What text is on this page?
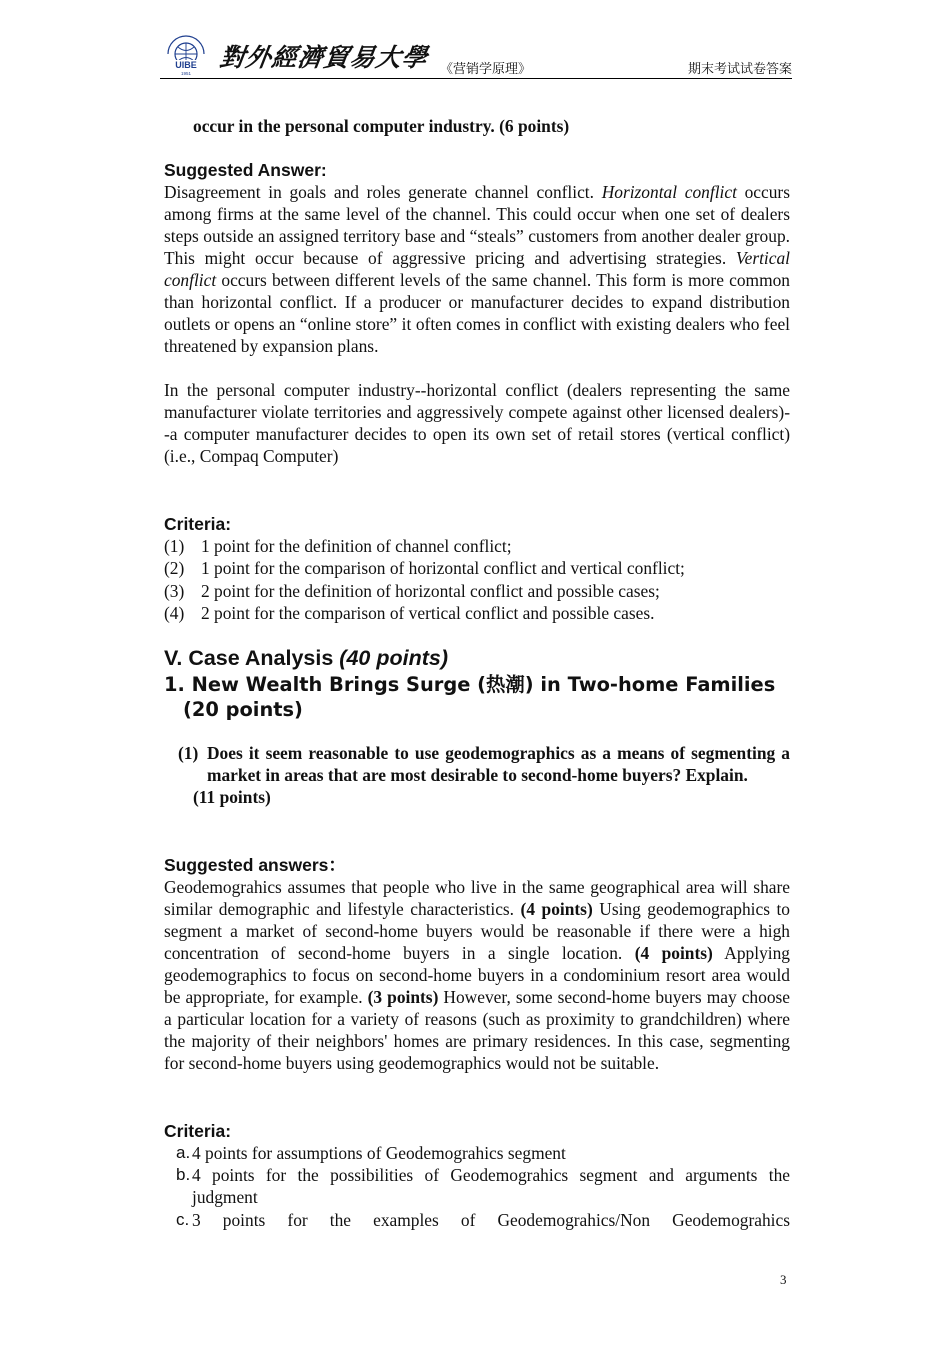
UIBE
1951
對外經濟貿易大學 《营销学原理》	期末考试试卷答案
occur in the personal computer industry. (6 points)
Suggested Answer:

Disagreement in goals and roles generate channel conflict. Horizontal conflict occurs among firms at the same level of the channel. This could occur when one set of dealers steps outside an assigned territory base and “steals” customers from another dealer group. This might occur because of aggressive pricing and advertising strategies. Vertical conflict occurs between different levels of the same channel. This form is more common than horizontal conflict. If a producer or manufacturer decides to expand distribution outlets or opens an “online store” it often comes in conflict with existing dealers who feel threatened by expansion plans.

In the personal computer industry--horizontal conflict (dealers representing the same manufacturer violate territories and aggressively compete against other licensed dealers)--a computer manufacturer decides to open its own set of retail stores (vertical conflict) (i.e., Compaq Computer)

Criteria:
(1) 1 point for the definition of channel conflict;
(2) 1 point for the comparison of horizontal conflict and vertical conflict;
(3) 2 point for the definition of horizontal conflict and possible cases;
(4) 2 point for the comparison of vertical conflict and possible cases.
V. Case Analysis (40 points)
1. New Wealth Brings Surge (热潮) in Two-home Families
(20 points)
(1) Does it seem reasonable to use geodemographics as a means of segmenting a market in areas that are most desirable to second-home buyers? Explain.
(11 points)
Suggested answers：

Geodemograhics assumes that people who live in the same geographical area will share similar demographic and lifestyle characteristics. (4 points) Using geodemographics to segment a market of second-home buyers would be reasonable if there were a high concentration of second-home buyers in a single location. (4 points) Applying geodemographics to focus on second-home buyers in a condominium resort area would be appropriate, for example. (3 points) However, some second-home buyers may choose a particular location for a variety of reasons (such as proximity to grandchildren) where the majority of their neighbors' homes are primary residences. In this case, segmenting for second-home buyers using geodemographics would not be suitable.

Criteria:
a. 4 points for assumptions of Geodemograhics segment
b. 4 points for the possibilities of Geodemograhics segment and arguments the judgment
c. 3 points for the examples of Geodemograhics/Non Geodemograhics
3
